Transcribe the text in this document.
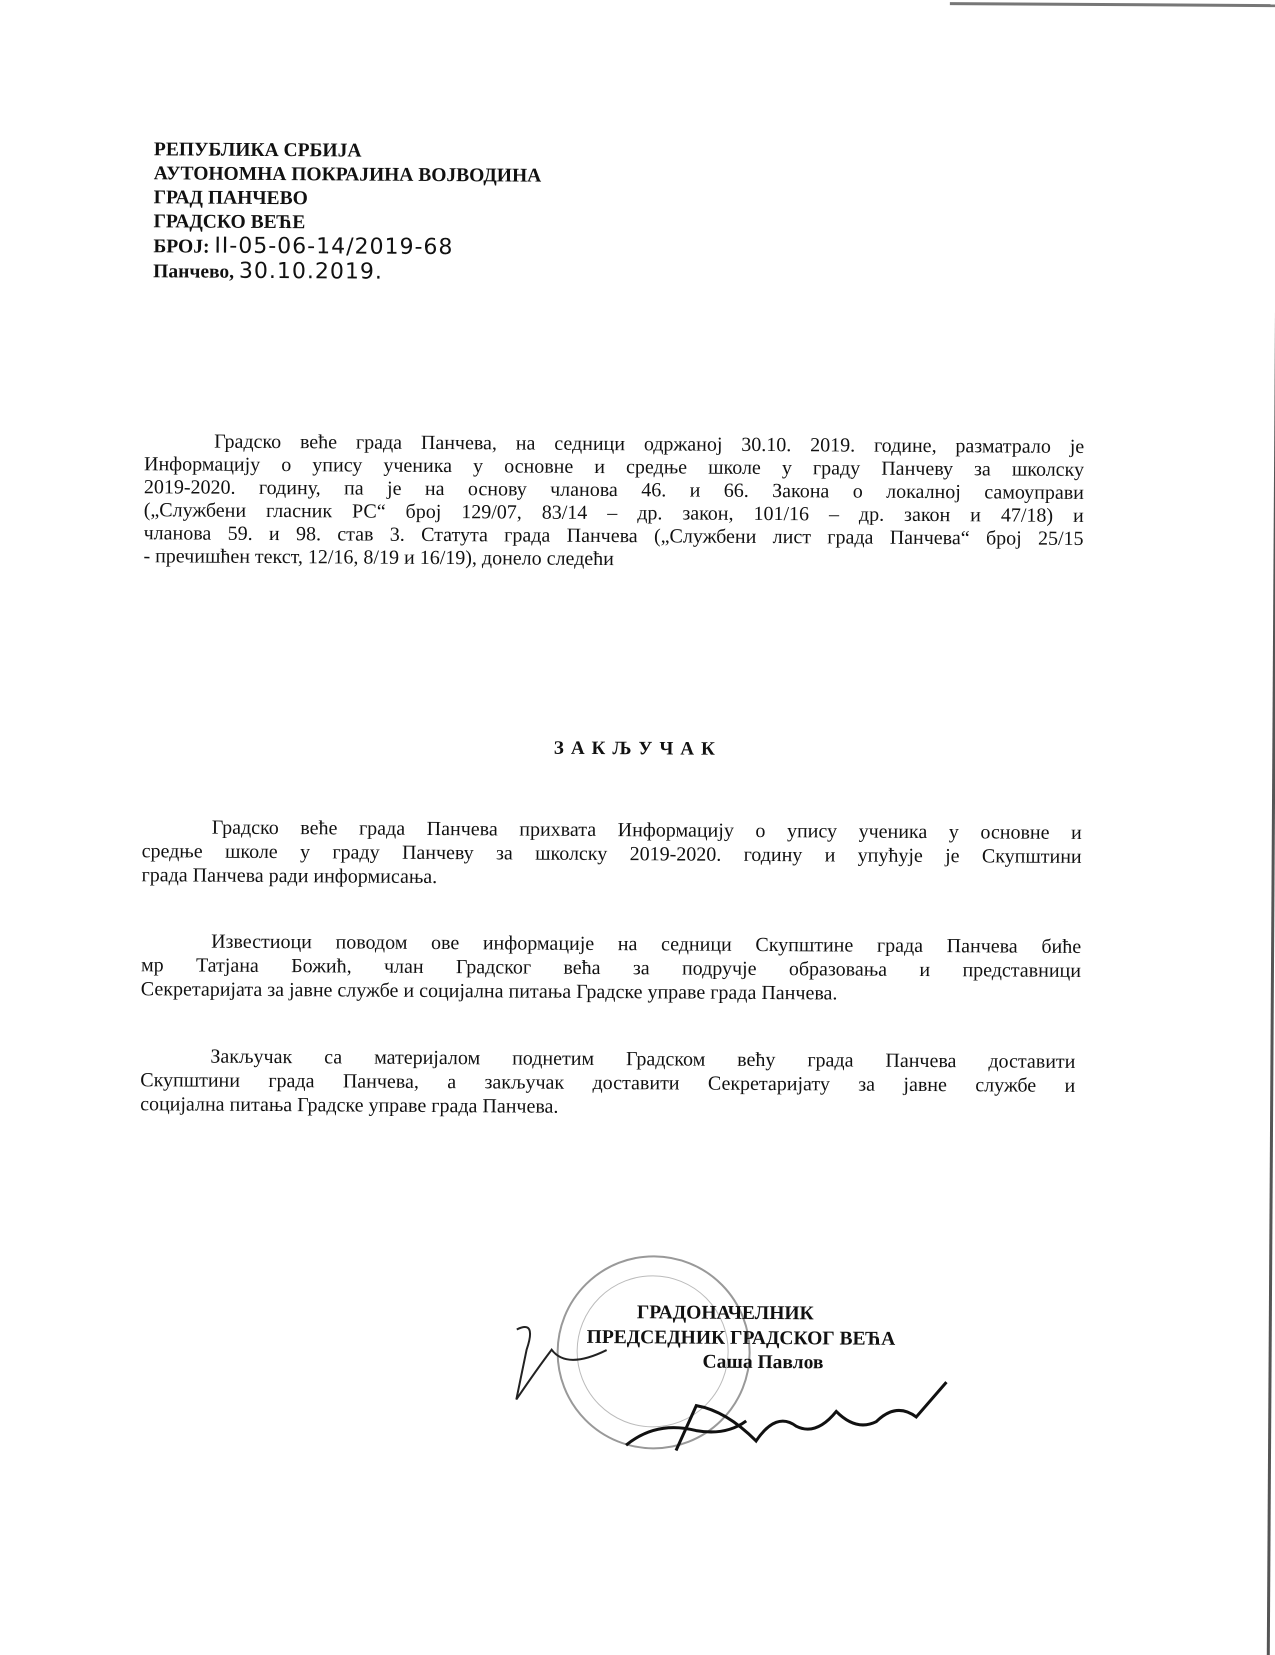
РЕПУБЛИКА СРБИЈА
АУТОНОМНА ПОКРАЈИНА ВОЈВОДИНА
ГРАД ПАНЧЕВО
ГРАДСКО ВЕЋЕ
БРОЈ: II-05-06-14/2019-68
Панчево, 30.10.2019.
Градско веће града Панчева, на седници одржаној 30.10. 2019. године, разматрало је
Информацију о упису ученика у основне и средње школе у граду Панчеву за школску
2019-2020. годину, па је на основу чланова 46. и 66. Закона о локалној самоуправи
(„Службени гласник РС“ број 129/07, 83/14 – др. закон, 101/16 – др. закон и 47/18) и
чланова 59. и 98. став 3. Статута града Панчева („Службени лист града Панчева“ број 25/15
- пречишћен текст, 12/16, 8/19 и 16/19), донело следећи
ЗАКЉУЧАК
Градско веће града Панчева прихвата Информацију о упису ученика у основне и
средње школе у граду Панчеву за школску 2019-2020. годину и упућује је Скупштини
града Панчева ради информисања.
Известиоци поводом ове информације на седници Скупштине града Панчева биће
мр Татјана Божић, члан Градског већа за подручје образовања и представници
Секретаријата за јавне службе и социјална питања Градске управе града Панчева.
Закључак са материјалом поднетим Градском већу града Панчева доставити
Скупштини града Панчева, а закључак доставити Секретаријату за јавне службе и
социјална питања Градске управе града Панчева.
ГРАДОНАЧЕЛНИК
ПРЕДСЕДНИК ГРАДСКОГ ВЕЋА
Саша Павлов
